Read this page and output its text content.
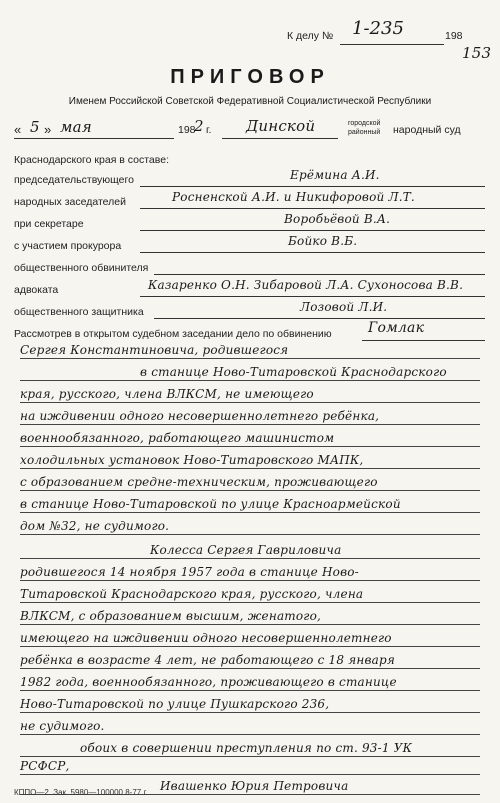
К делу № 1-235	198
153
ПРИГОВОР
Именем Российской Советской Федеративной Социалистической Республики
« 5 » мая	198
2 г. Динской	городской
районный народный суд
Краснодарского края в составе:
председательствующего	Ерёмина А.И.
народных заседателей	Росненской А.И. и Никифоровой Л.Т.
при секретаре	Воробьёвой В.А.
с участием прокурора	Бойко В.Б.
общественного обвинителя
адвоката	Казаренко О.Н. Зибаровой Л.А. Сухоносова В.В.
общественного защитника	Лозовой Л.И.
Рассмотрев в открытом судебном заседании дело по обвинению	Гомлак
Сергея Константиновича, родившегося
в станице Ново-Титаровской Краснодарского
края, русского, члена ВЛКСМ, не имеющего
на иждивении одного несовершеннолетнего ребёнка,
военнообязанного, работающего машинистом
холодильных установок Ново-Титаровского МАПК,
с образованием средне-техническим, проживающего
в станице Ново-Титаровской по улице Красноармейской
дом №32, не судимого.
Колесса Сергея Гавриловича
родившегося 14 ноября 1957 года в станице Ново-
Титаровской Краснодарского края, русского, члена
ВЛКСМ, с образованием высшим, женатого,
имеющего на иждивении одного несовершеннолетнего
ребёнка в возрасте 4 лет, не работающего с 18 января
1982 года, военнообязанного, проживающего в станице
Ново-Титаровской по улице Пушкарского 236,
не судимого.
обоих в совершении преступления по ст. 93-1 УК
РСФСР,
Ивашенко Юрия Петровича
КППО—2. Зак. 5980—100000 8-77 г.
